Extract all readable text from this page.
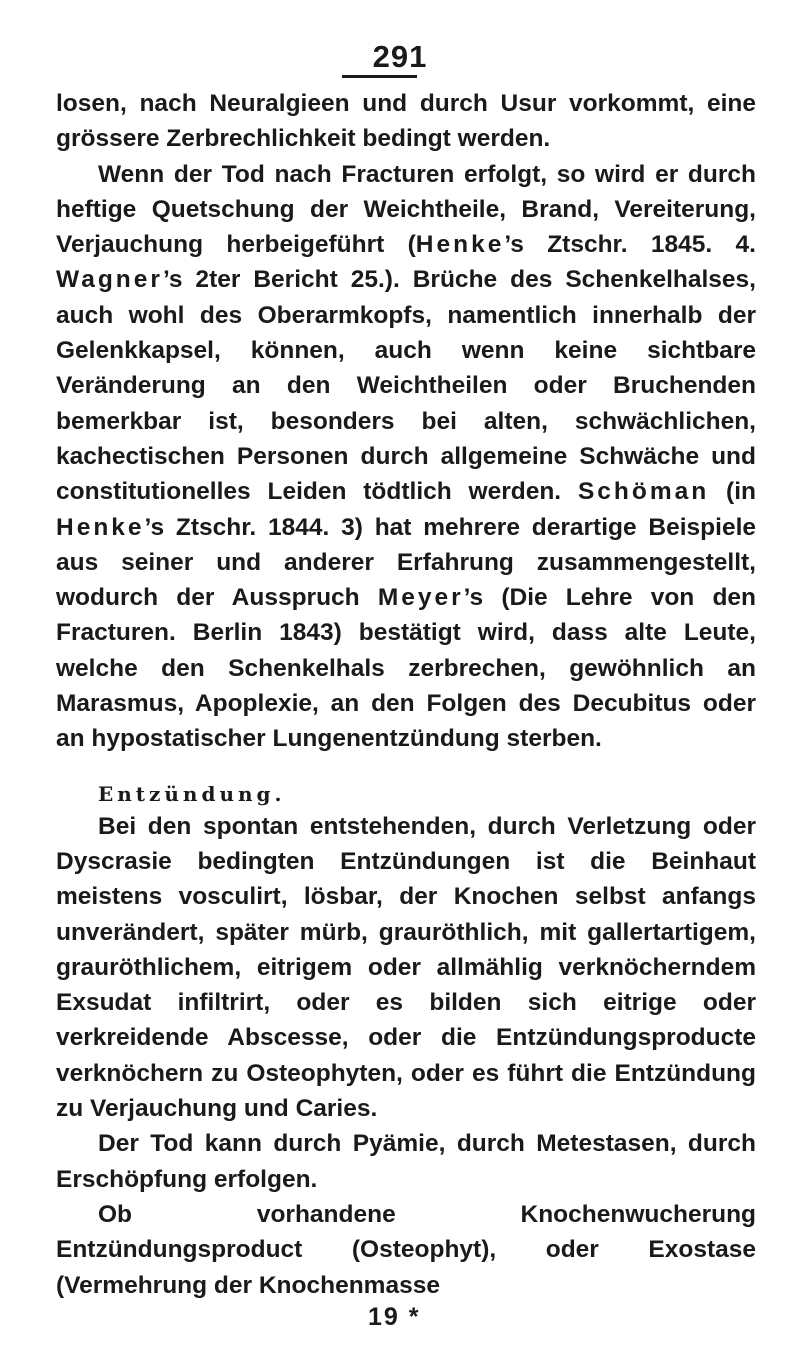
291

losen, nach Neuralgieen und durch Usur vorkommt, eine grössere Zerbrechlichkeit bedingt werden.

Wenn der Tod nach Fracturen erfolgt, so wird er durch heftige Quetschung der Weichtheile, Brand, Vereiterung, Verjauchung herbeigeführt (Henke’s Ztschr. 1845. 4. Wagner’s 2ter Bericht 25.). Brüche des Schenkelhalses, auch wohl des Oberarmkopfs, namentlich innerhalb der Gelenkkapsel, können, auch wenn keine sichtbare Veränderung an den Weichtheilen oder Bruchenden bemerkbar ist, besonders bei alten, schwächlichen, kachectischen Personen durch allgemeine Schwäche und constitutionelles Leiden tödtlich werden. Schöman (in Henke’s Ztschr. 1844. 3) hat mehrere derartige Beispiele aus seiner und anderer Erfahrung zusammengestellt, wodurch der Ausspruch Meyer’s (Die Lehre von den Fracturen. Berlin 1843) bestätigt wird, dass alte Leute, welche den Schenkelhals zerbrechen, gewöhnlich an Marasmus, Apoplexie, an den Folgen des Decubitus oder an hypostatischer Lungenentzündung sterben.

Entzündung.

Bei den spontan entstehenden, durch Verletzung oder Dyscrasie bedingten Entzündungen ist die Beinhaut meistens vosculirt, lösbar, der Knochen selbst anfangs unverändert, später mürb, grauröthlich, mit gallertartigem, grauröthlichem, eitrigem oder allmählig verknöcherndem Exsudat infiltrirt, oder es bilden sich eitrige oder verkreidende Abscesse, oder die Entzündungsproducte verknöchern zu Osteophyten, oder es führt die Entzündung zu Verjauchung und Caries.

Der Tod kann durch Pyämie, durch Metestasen, durch Erschöpfung erfolgen.

Ob vorhandene Knochenwucherung Entzündungsproduct (Osteophyt), oder Exostase (Vermehrung der Knochenmasse

19 *
